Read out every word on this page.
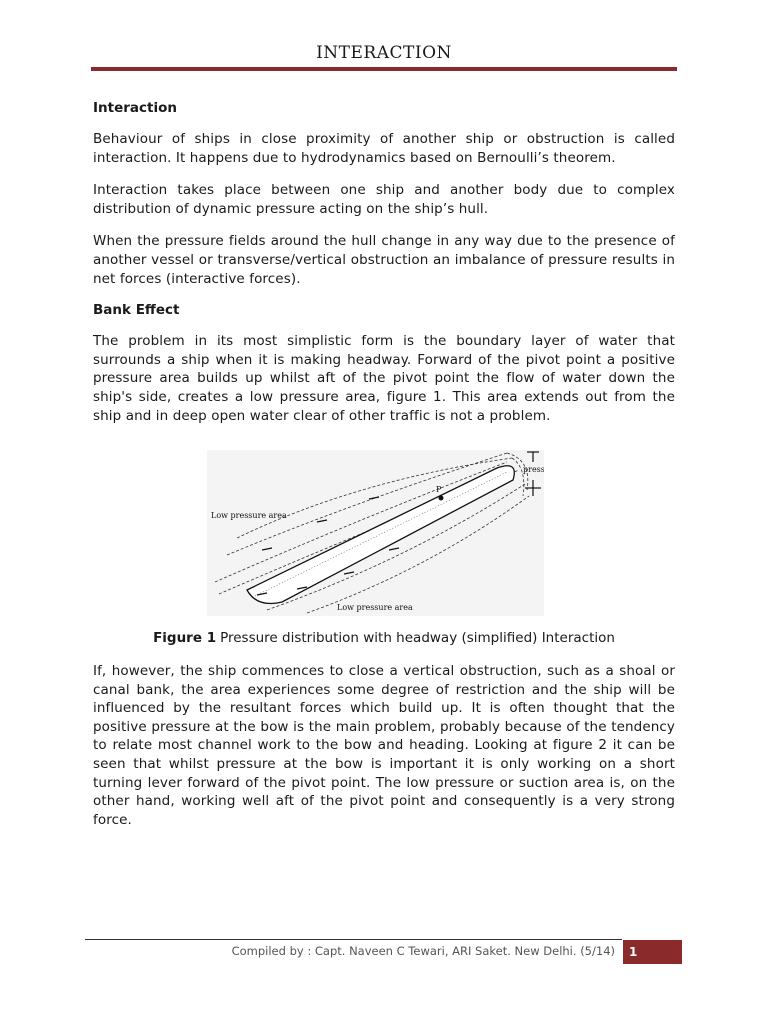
INTERACTION

Interaction

Behaviour of ships in close proximity of another ship or obstruction is called interaction. It happens due to hydrodynamics based on Bernoulli’s theorem.

Interaction takes place between one ship and another body due to complex distribution of dynamic pressure acting on the ship’s hull.

When the pressure fields around the hull change in any way due to the presence of another vessel or transverse/vertical obstruction an imbalance of pressure results in net forces (interactive forces).

Bank Effect

The problem in its most simplistic form is the boundary layer of water that surrounds a ship when it is making headway. Forward of the pivot point a positive pressure area builds up whilst aft of the pivot point the flow of water down the ship's side, creates a low pressure area, figure 1. This area extends out from the ship and in deep open water clear of other traffic is not a problem.

P
Low pressure area
Low pressure area
press
Figure 1 Pressure distribution with headway (simplified) Interaction

If, however, the ship commences to close a vertical obstruction, such as a shoal or canal bank, the area experiences some degree of restriction and the ship will be influenced by the resultant forces which build up. It is often thought that the positive pressure at the bow is the main problem, probably because of the tendency to relate most channel work to the bow and heading. Looking at figure 2 it can be seen that whilst pressure at the bow is important it is only working on a short turning lever forward of the pivot point. The low pressure or suction area is, on the other hand, working well aft of the pivot point and consequently is a very strong force.

Compiled by : Capt. Naveen C Tewari, ARI Saket. New Delhi. (5/14)	1
